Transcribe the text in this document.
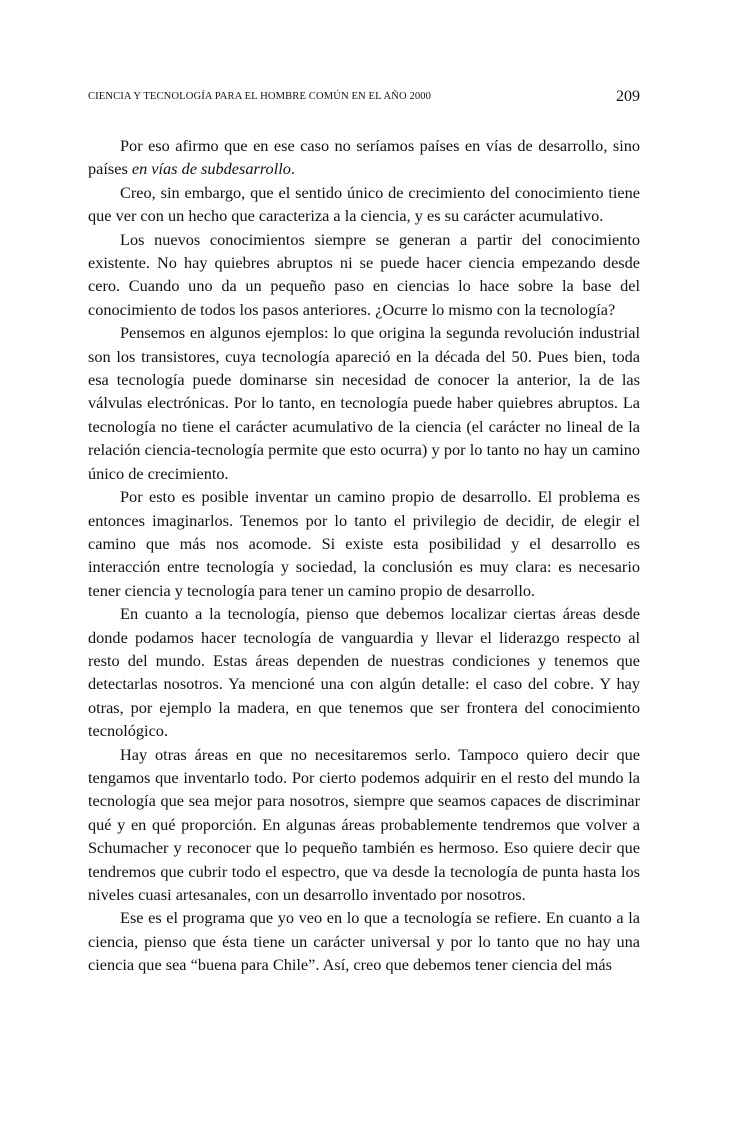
CIENCIA Y TECNOLOGÍA PARA EL HOMBRE COMÚN EN EL AÑO 2000	209

Por eso afirmo que en ese caso no seríamos países en vías de desarrollo, sino países en vías de subdesarrollo.

Creo, sin embargo, que el sentido único de crecimiento del conocimiento tiene que ver con un hecho que caracteriza a la ciencia, y es su carácter acumulativo.

Los nuevos conocimientos siempre se generan a partir del conocimiento existente. No hay quiebres abruptos ni se puede hacer ciencia empezando desde cero. Cuando uno da un pequeño paso en ciencias lo hace sobre la base del conocimiento de todos los pasos anteriores. ¿Ocurre lo mismo con la tecnología?

Pensemos en algunos ejemplos: lo que origina la segunda revolución industrial son los transistores, cuya tecnología apareció en la década del 50. Pues bien, toda esa tecnología puede dominarse sin necesidad de conocer la anterior, la de las válvulas electrónicas. Por lo tanto, en tecnología puede haber quiebres abruptos. La tecnología no tiene el carácter acumulativo de la ciencia (el carácter no lineal de la relación ciencia-tecnología permite que esto ocurra) y por lo tanto no hay un camino único de crecimiento.

Por esto es posible inventar un camino propio de desarrollo. El problema es entonces imaginarlos. Tenemos por lo tanto el privilegio de decidir, de elegir el camino que más nos acomode. Si existe esta posibilidad y el desarrollo es interacción entre tecnología y sociedad, la conclusión es muy clara: es necesario tener ciencia y tecnología para tener un camino propio de desarrollo.

En cuanto a la tecnología, pienso que debemos localizar ciertas áreas desde donde podamos hacer tecnología de vanguardia y llevar el liderazgo respecto al resto del mundo. Estas áreas dependen de nuestras condiciones y tenemos que detectarlas nosotros. Ya mencioné una con algún detalle: el caso del cobre. Y hay otras, por ejemplo la madera, en que tenemos que ser frontera del conocimiento tecnológico.

Hay otras áreas en que no necesitaremos serlo. Tampoco quiero decir que tengamos que inventarlo todo. Por cierto podemos adquirir en el resto del mundo la tecnología que sea mejor para nosotros, siempre que seamos capaces de discriminar qué y en qué proporción. En algunas áreas probablemente tendremos que volver a Schumacher y reconocer que lo pequeño también es hermoso. Eso quiere decir que tendremos que cubrir todo el espectro, que va desde la tecnología de punta hasta los niveles cuasi artesanales, con un desarrollo inventado por nosotros.

Ese es el programa que yo veo en lo que a tecnología se refiere. En cuanto a la ciencia, pienso que ésta tiene un carácter universal y por lo tanto que no hay una ciencia que sea “buena para Chile”. Así, creo que debemos tener ciencia del más
